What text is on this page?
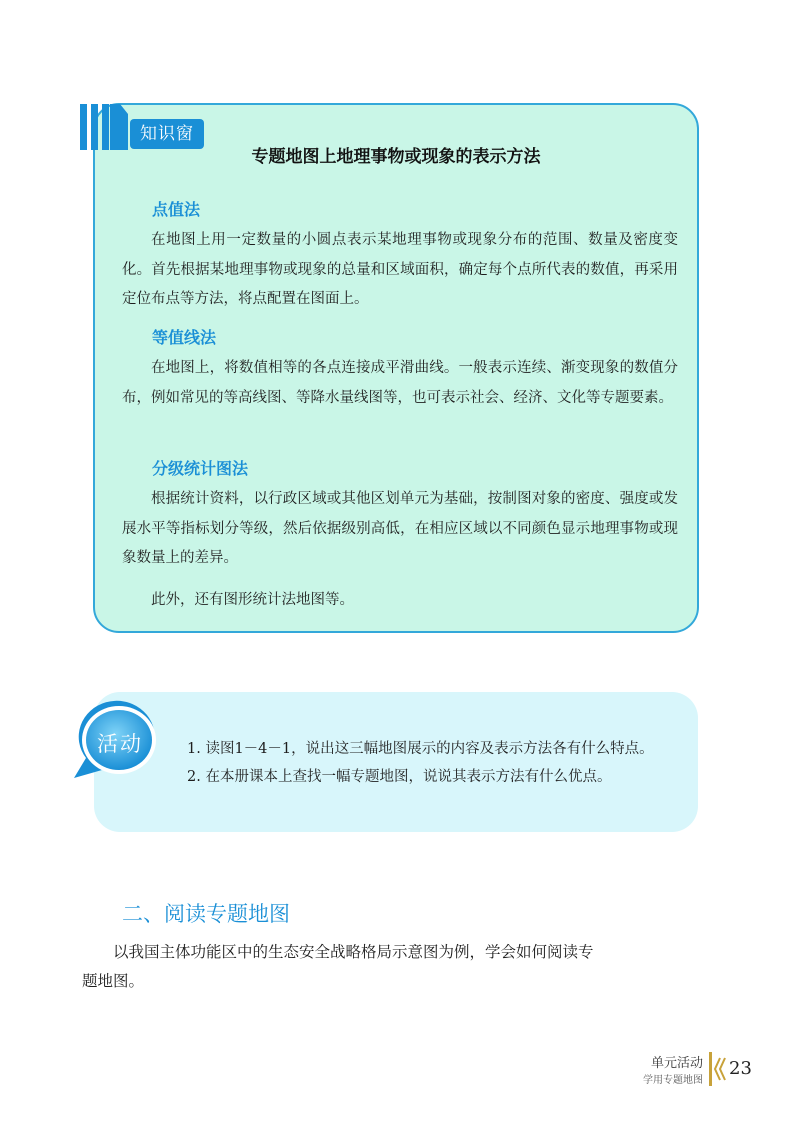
知识窗
专题地图上地理事物或现象的表示方法
点值法

在地图上用一定数量的小圆点表示某地理事物或现象分布的范围、数量及密度变化。首先根据某地理事物或现象的总量和区域面积，确定每个点所代表的数值，再采用定位布点等方法，将点配置在图面上。

等值线法

在地图上，将数值相等的各点连接成平滑曲线。一般表示连续、渐变现象的数值分布，例如常见的等高线图、等降水量线图等，也可表示社会、经济、文化等专题要素。

分级统计图法

根据统计资料，以行政区域或其他区划单元为基础，按制图对象的密度、强度或发展水平等指标划分等级，然后依据级别高低，在相应区域以不同颜色显示地理事物或现象数量上的差异。

此外，还有图形统计法地图等。

活动	1. 读图1－4－1，说出这三幅地图展示的内容及表示方法各有什么特点。
2. 在本册课本上查找一幅专题地图，说说其表示方法有什么优点。
二、阅读专题地图

以我国主体功能区中的生态安全战略格局示意图为例，学会如何阅读专题地图。

单元活动
学用专题地图
23
